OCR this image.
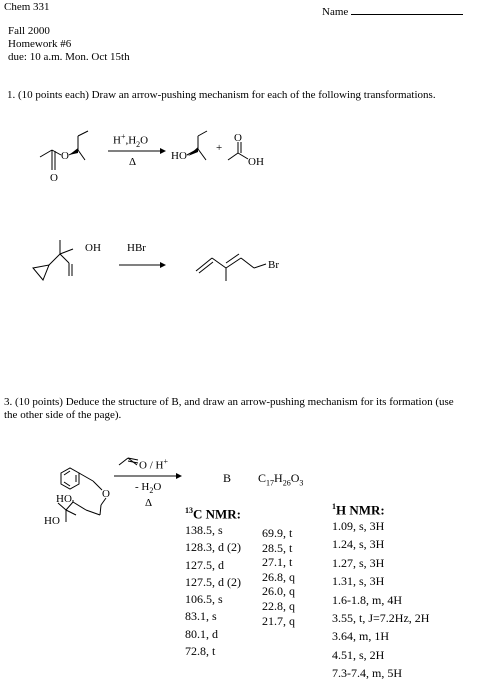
Chem 331	Name
Fall 2000
Homework #6
due: 10 a.m. Mon. Oct 15th
1. (10 points each) Draw an arrow-pushing mechanism for each of the following transformations.
O
O
HO
+
O
OH
OH HBr
Br
O
HO
HO
$H^+,H_2O$
Δ
3. (10 points) Deduce the structure of B, and draw an arrow-pushing mechanism for its formation (use
the other side of the page).
O / H+
- $H_2O$
Δ
B $C_{17}H_{26}O_3$
$^{13}$C NMR:
138.5, s
128.3, d (2)
127.5, d
127.5, d (2)
106.5, s
83.1, s
80.1, d
72.8, t
69.9, t
28.5, t
27.1, t
26.8, q
26.0, q
22.8, q
21.7, q
$^1$H NMR:
1.09, s, 3H
1.24, s, 3H
1.27, s, 3H
1.31, s, 3H
1.6-1.8, m, 4H
3.55, t, J=7.2Hz, 2H
3.64, m, 1H
4.51, s, 2H
7.3-7.4, m, 5H
